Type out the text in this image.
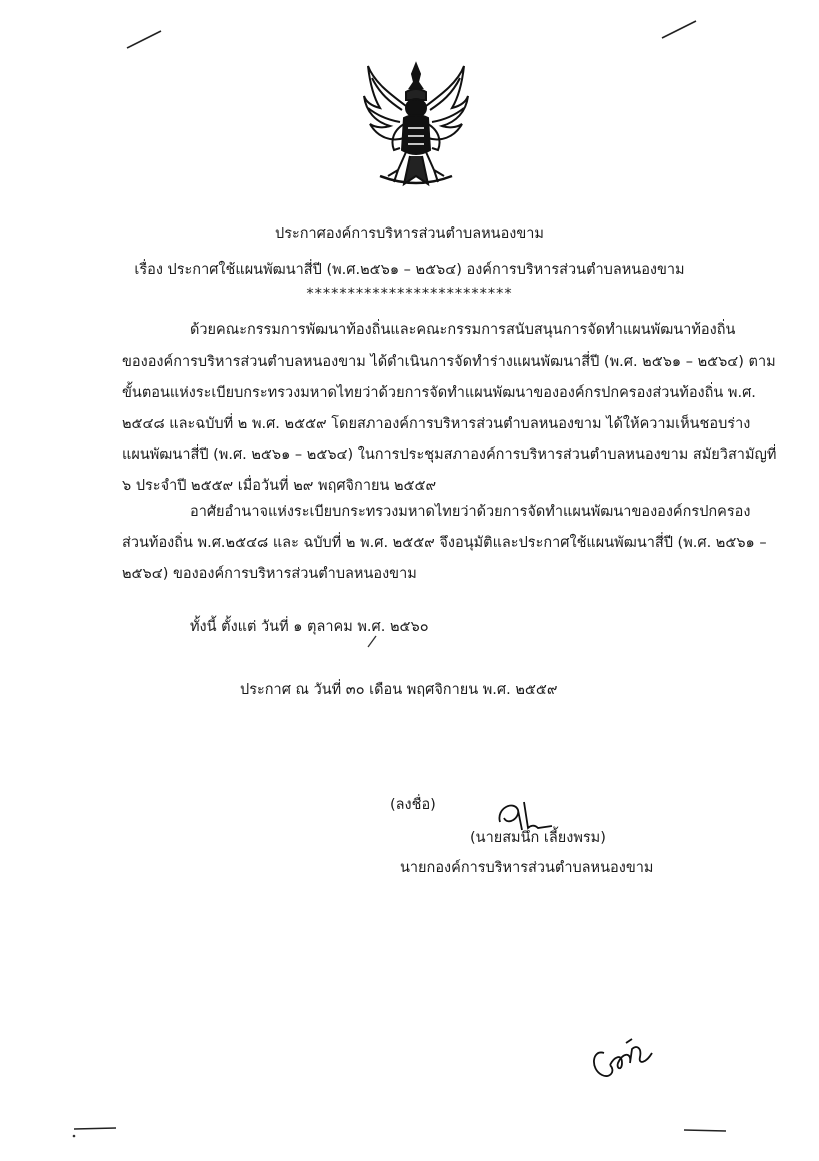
ประกาศองค์การบริหารส่วนตำบลหนองขาม
เรื่อง ประกาศใช้แผนพัฒนาสี่ปี (พ.ศ.๒๕๖๑ – ๒๕๖๔) องค์การบริหารส่วนตำบลหนองขาม
*************************
ด้วยคณะกรรมการพัฒนาท้องถิ่นและคณะกรรมการสนับสนุนการจัดทำแผนพัฒนาท้องถิ่น
ขององค์การบริหารส่วนตำบลหนองขาม ได้ดำเนินการจัดทำร่างแผนพัฒนาสี่ปี (พ.ศ. ๒๕๖๑ – ๒๕๖๔) ตาม
ขั้นตอนแห่งระเบียบกระทรวงมหาดไทยว่าด้วยการจัดทำแผนพัฒนาขององค์กรปกครองส่วนท้องถิ่น พ.ศ.
๒๕๔๘ และฉบับที่ ๒ พ.ศ. ๒๕๕๙ โดยสภาองค์การบริหารส่วนตำบลหนองขาม ได้ให้ความเห็นชอบร่าง
แผนพัฒนาสี่ปี (พ.ศ. ๒๕๖๑ – ๒๕๖๔) ในการประชุมสภาองค์การบริหารส่วนตำบลหนองขาม สมัยวิสามัญที่
๖ ประจำปี ๒๕๕๙ เมื่อวันที่ ๒๙ พฤศจิกายน ๒๕๕๙
อาศัยอำนาจแห่งระเบียบกระทรวงมหาดไทยว่าด้วยการจัดทำแผนพัฒนาขององค์กรปกครอง
ส่วนท้องถิ่น พ.ศ.๒๕๔๘ และ ฉบับที่ ๒ พ.ศ. ๒๕๕๙ จึงอนุมัติและประกาศใช้แผนพัฒนาสี่ปี (พ.ศ. ๒๕๖๑ –
๒๕๖๔) ขององค์การบริหารส่วนตำบลหนองขาม
ทั้งนี้ ตั้งแต่ วันที่ ๑ ตุลาคม พ.ศ. ๒๕๖๐
ประกาศ ณ วันที่ ๓๐ เดือน พฤศจิกายน พ.ศ. ๒๕๕๙
(ลงชื่อ)
(นายสมนึก เลี้ยงพรม)
นายกองค์การบริหารส่วนตำบลหนองขาม
